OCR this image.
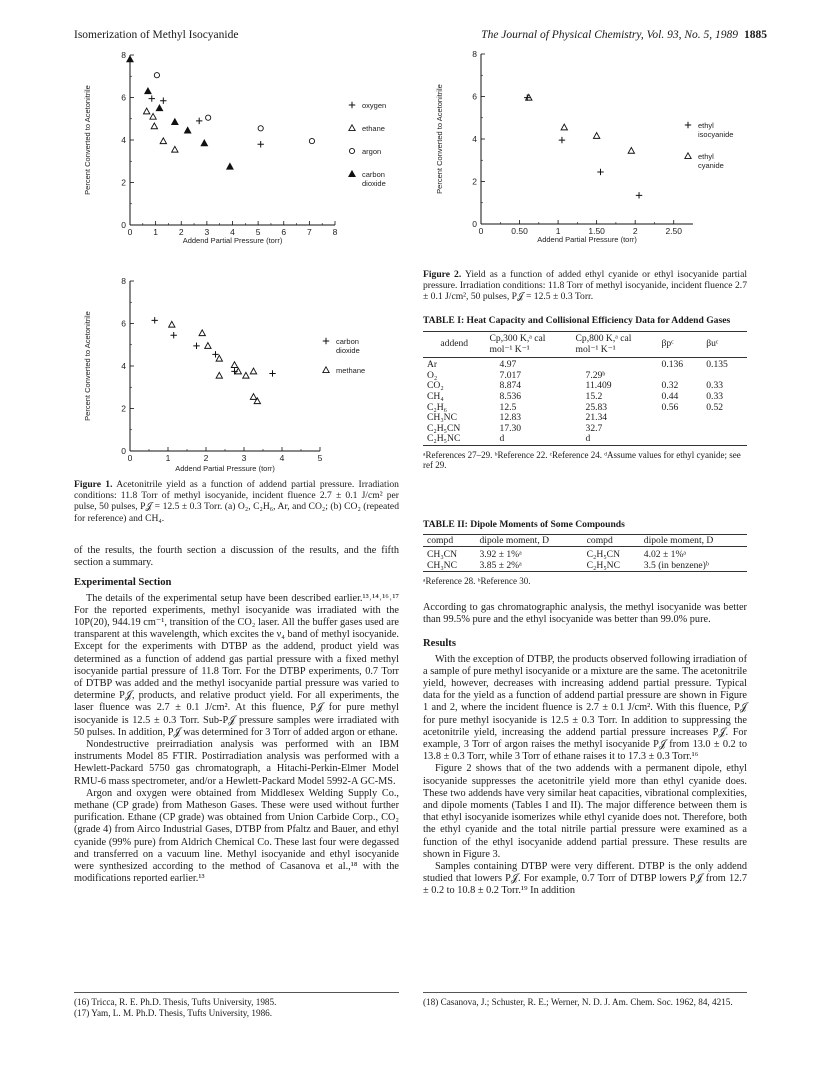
Isomerization of Methyl Isocyanide	The Journal of Physical Chemistry, Vol. 93, No. 5, 1989 1885
0 1 2 3 4 5 6 7 8
0
2
4
6
8
Addend Partial Pressure (torr)
Percent Converted to Acetonitrile	oxygen
ethane
argon
carbon
dioxide
0	1	2	3	4	5
0
2
4
6
8
Addend Partial Pressure (torr)
Percent Converted to Acetonitrile	carbon
dioxide
methane
Figure 1. Acetonitrile yield as a function of addend partial pressure. Irradiation conditions: 11.8 Torr of methyl isocyanide, incident fluence 2.7 ± 0.1 J/cm² per pulse, 50 pulses, P𝒥 = 12.5 ± 0.3 Torr. (a) O₂, C₂H₆, Ar, and CO₂; (b) CO₂ (repeated for reference) and CH₄.

of the results, the fourth section a discussion of the results, and the fifth section a summary.

Experimental Section

The details of the experimental setup have been described earlier.¹³˒¹⁴˒¹⁶˒¹⁷ For the reported experiments, methyl isocyanide was irradiated with the 10P(20), 944.19 cm⁻¹, transition of the CO₂ laser. All the buffer gases used are transparent at this wavelength, which excites the ν₄ band of methyl isocyanide. Except for the experiments with DTBP as the addend, product yield was determined as a function of addend gas partial pressure with a fixed methyl isocyanide partial pressure of 11.8 Torr. For the DTBP experiments, 0.7 Torr of DTBP was added and the methyl isocyanide partial pressure was varied to determine P𝒥, products, and relative product yield. For all experiments, the laser fluence was 2.7 ± 0.1 J/cm². At this fluence, P𝒥 for pure methyl isocyanide is 12.5 ± 0.3 Torr. Sub-P𝒥 pressure samples were irradiated with 50 pulses. In addition, P𝒥 was determined for 3 Torr of added argon or ethane.

Nondestructive preirradiation analysis was performed with an IBM instruments Model 85 FTIR. Postirradiation analysis was performed with a Hewlett-Packard 5750 gas chromatograph, a Hitachi-Perkin-Elmer Model RMU-6 mass spectrometer, and/or a Hewlett-Packard Model 5992-A GC-MS.

Argon and oxygen were obtained from Middlesex Welding Supply Co., methane (CP grade) from Matheson Gases. These were used without further purification. Ethane (CP grade) was obtained from Union Carbide Corp., CO₂ (grade 4) from Airco Industrial Gases, DTBP from Pfaltz and Bauer, and ethyl cyanide (99% pure) from Aldrich Chemical Co. These last four were degassed and transferred on a vacuum line. Methyl isocyanide and ethyl isocyanide were synthesized according to the method of Casanova et al.,¹⁸ with the modifications reported earlier.¹³

(16) Tricca, R. E. Ph.D. Thesis, Tufts University, 1985.
(17) Yam, L. M. Ph.D. Thesis, Tufts University, 1986.
0	0.50	1	1.50	2	2.50
0
2
4
6
8
Addend Partial Pressure (torr)
Percent Converted to Acetonitrile	ethyl
isocyanide
ethyl
cyanide
Figure 2. Yield as a function of added ethyl cyanide or ethyl isocyanide partial pressure. Irradiation conditions: 11.8 Torr of methyl isocyanide, incident fluence 2.7 ± 0.1 J/cm², 50 pulses, P𝒥 = 12.5 ± 0.3 Torr.
TABLE I: Heat Capacity and Collisional Efficiency Data for Addend Gases
addend	Cp,300 K,ᵃ cal mol⁻¹ K⁻¹	Cp,800 K,ᵃ cal mol⁻¹ K⁻¹	βpᶜ	βuᶜ
Ar	4.97		0.136	0.135
O₂	7.017	7.29ᵇ		
CO₂	8.874	11.409	0.32	0.33
CH₄	8.536	15.2	0.44	0.33
C₂H₆	12.5	25.83	0.56	0.52
CH₃NC	12.83	21.34		
C₂H₅CN	17.30	32.7		
C₂H₅NC	d	d		
ᵃReferences 27–29. ᵇReference 22. ᶜReference 24. ᵈAssume values for ethyl cyanide; see ref 29.
TABLE II: Dipole Moments of Some Compounds
compd	dipole moment, D	compd	dipole moment, D
CH₃CN	3.92 ± 1%ᵃ	C₂H₅CN	4.02 ± 1%ᵃ
CH₃NC	3.85 ± 2%ᵃ	C₂H₅NC	3.5 (in benzene)ᵇ
ᵃReference 28. ᵇReference 30.

According to gas chromatographic analysis, the methyl isocyanide was better than 99.5% pure and the ethyl isocyanide was better than 99.0% pure.

Results

With the exception of DTBP, the products observed following irradiation of a sample of pure methyl isocyanide or a mixture are the same. The acetonitrile yield, however, decreases with increasing addend partial pressure. Typical data for the yield as a function of addend partial pressure are shown in Figure 1 and 2, where the incident fluence is 2.7 ± 0.1 J/cm². With this fluence, P𝒥 for pure methyl isocyanide is 12.5 ± 0.3 Torr. In addition to suppressing the acetonitrile yield, increasing the addend partial pressure increases P𝒥. For example, 3 Torr of argon raises the methyl isocyanide P𝒥 from 13.0 ± 0.2 to 13.8 ± 0.3 Torr, while 3 Torr of ethane raises it to 17.3 ± 0.3 Torr.¹⁶

Figure 2 shows that of the two addends with a permanent dipole, ethyl isocyanide suppresses the acetonitrile yield more than ethyl cyanide does. These two addends have very similar heat capacities, vibrational complexities, and dipole moments (Tables I and II). The major difference between them is that ethyl isocyanide isomerizes while ethyl cyanide does not. Therefore, both the ethyl cyanide and the total nitrile partial pressure were examined as a function of the ethyl isocyanide addend partial pressure. These results are shown in Figure 3.

Samples containing DTBP were very different. DTBP is the only addend studied that lowers P𝒥. For example, 0.7 Torr of DTBP lowers P𝒥 from 12.7 ± 0.2 to 10.8 ± 0.2 Torr.¹⁹ In addition

(18) Casanova, J.; Schuster, R. E.; Werner, N. D. J. Am. Chem. Soc. 1962, 84, 4215.
